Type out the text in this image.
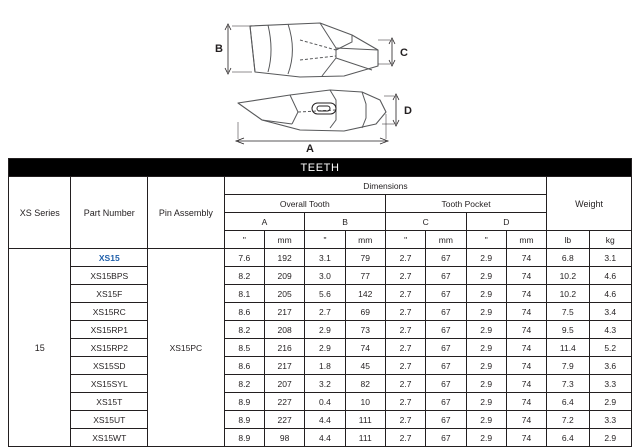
B	C
D
A
TEETH												
XS Series	Part Number	Pin Assembly	Dimensions								Weight	
			Overall Tooth				Tooth Pocket					
			A		B		C		D			
			"	mm	"	mm	"	mm	"	mm	lb	kg
15	XS15	XS15PC	7.6	192	3.1	79	2.7	67	2.9	74	6.8	3.1
	XS15BPS		8.2	209	3.0	77	2.7	67	2.9	74	10.2	4.6
	XS15F		8.1	205	5.6	142	2.7	67	2.9	74	10.2	4.6
	XS15RC		8.6	217	2.7	69	2.7	67	2.9	74	7.5	3.4
	XS15RP1		8.2	208	2.9	73	2.7	67	2.9	74	9.5	4.3
	XS15RP2		8.5	216	2.9	74	2.7	67	2.9	74	11.4	5.2
	XS15SD		8.6	217	1.8	45	2.7	67	2.9	74	7.9	3.6
	XS15SYL		8.2	207	3.2	82	2.7	67	2.9	74	7.3	3.3
	XS15T		8.9	227	0.4	10	2.7	67	2.9	74	6.4	2.9
	XS15UT		8.9	227	4.4	111	2.7	67	2.9	74	7.2	3.3
	XS15WT		8.9	98	4.4	111	2.7	67	2.9	74	6.4	2.9
